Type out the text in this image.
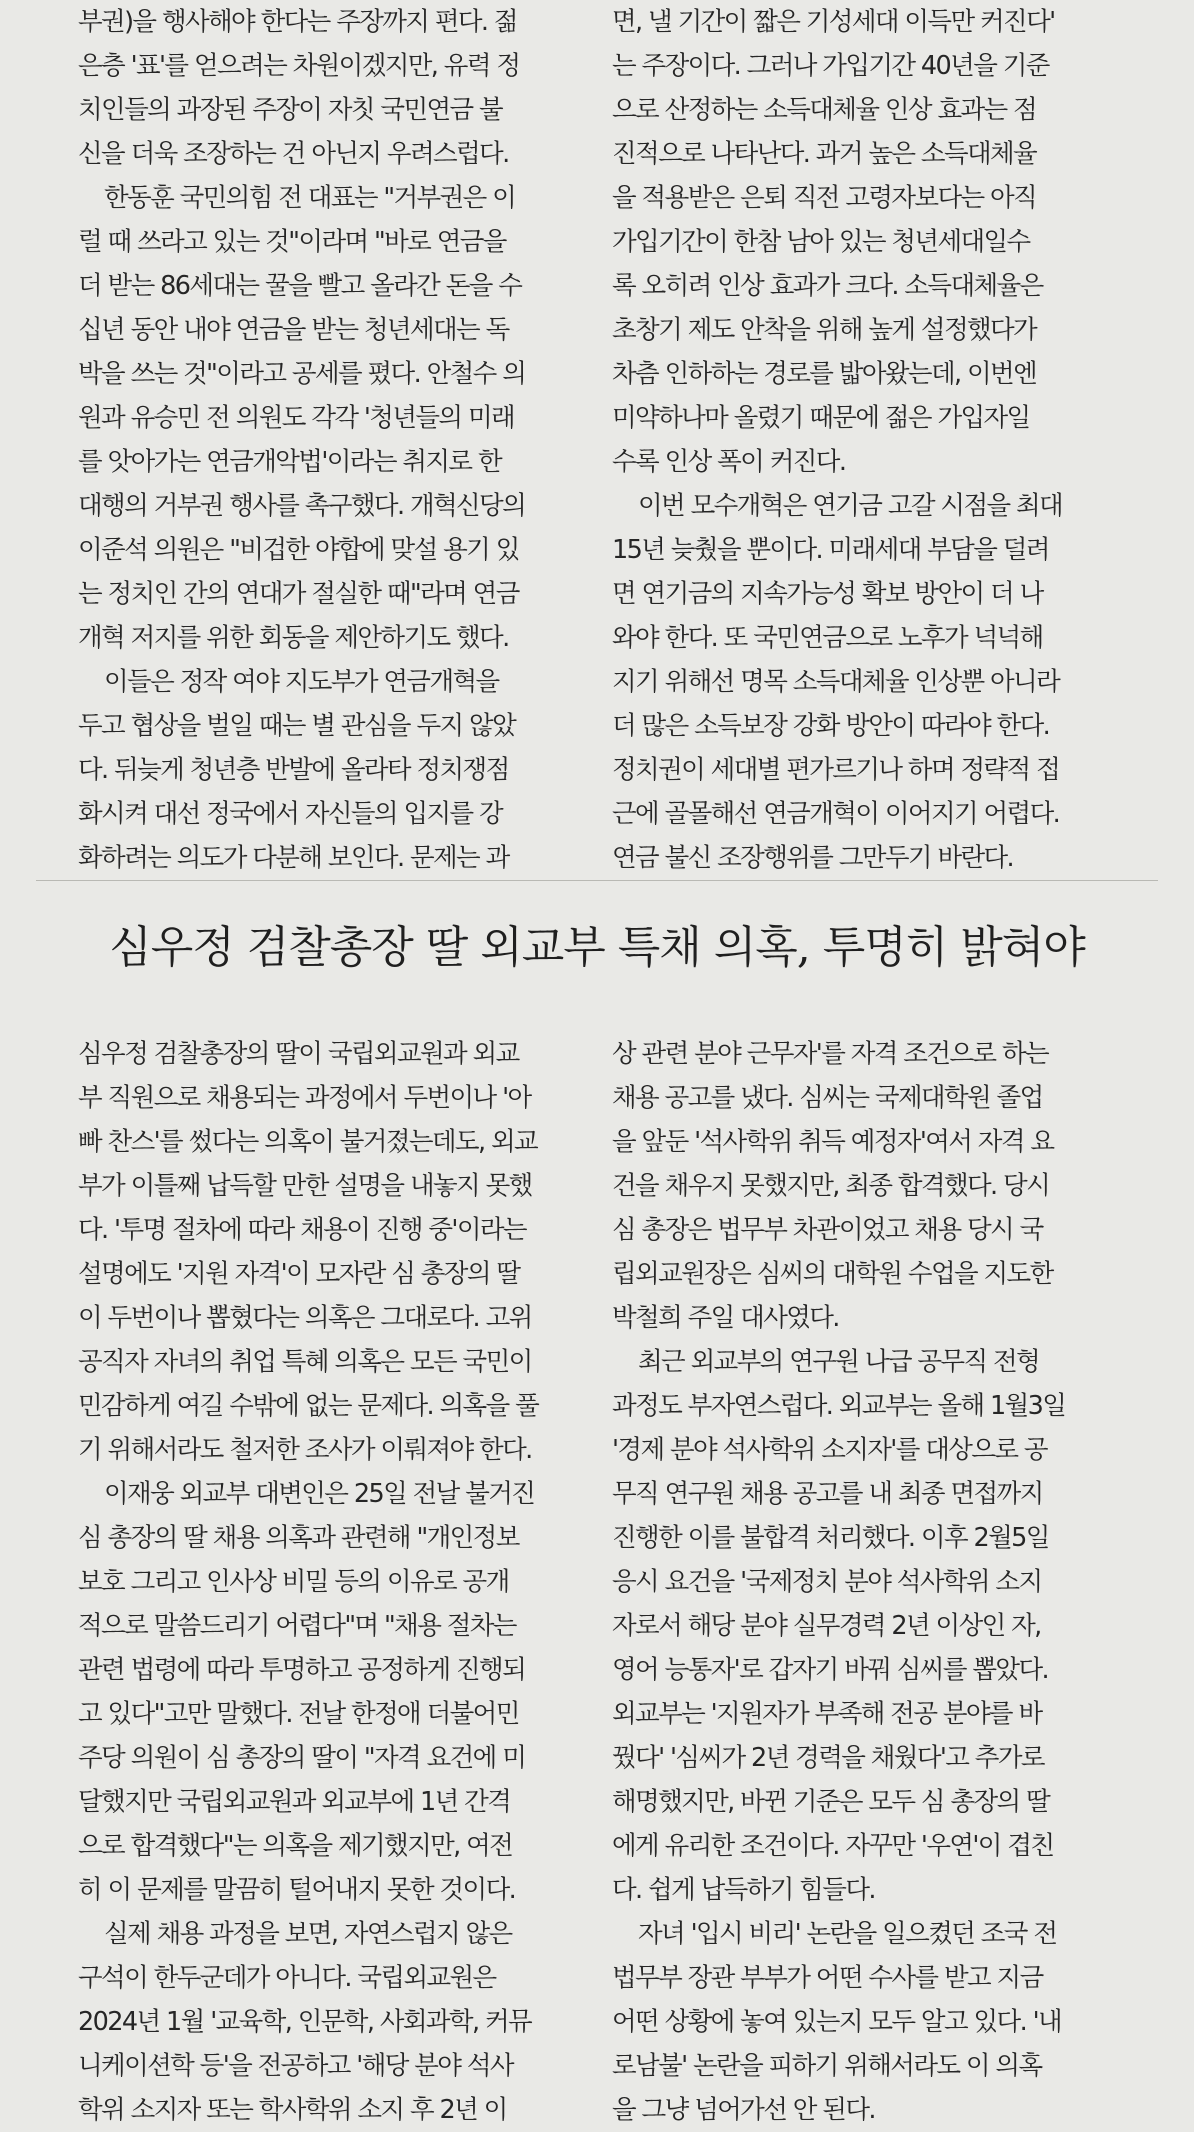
부권)을 행사해야 한다는 주장까지 편다. 젊
은층 '표'를 얻으려는 차원이겠지만, 유력 정
치인들의 과장된 주장이 자칫 국민연금 불
신을 더욱 조장하는 건 아닌지 우려스럽다.
한동훈 국민의힘 전 대표는 "거부권은 이
럴 때 쓰라고 있는 것"이라며 "바로 연금을
더 받는 86세대는 꿀을 빨고 올라간 돈을 수
십년 동안 내야 연금을 받는 청년세대는 독
박을 쓰는 것"이라고 공세를 폈다. 안철수 의
원과 유승민 전 의원도 각각 '청년들의 미래
를 앗아가는 연금개악법'이라는 취지로 한
대행의 거부권 행사를 촉구했다. 개혁신당의
이준석 의원은 "비겁한 야합에 맞설 용기 있
는 정치인 간의 연대가 절실한 때"라며 연금
개혁 저지를 위한 회동을 제안하기도 했다.
이들은 정작 여야 지도부가 연금개혁을
두고 협상을 벌일 때는 별 관심을 두지 않았
다. 뒤늦게 청년층 반발에 올라타 정치쟁점
화시켜 대선 정국에서 자신들의 입지를 강
화하려는 의도가 다분해 보인다. 문제는 과
면, 낼 기간이 짧은 기성세대 이득만 커진다'
는 주장이다. 그러나 가입기간 40년을 기준
으로 산정하는 소득대체율 인상 효과는 점
진적으로 나타난다. 과거 높은 소득대체율
을 적용받은 은퇴 직전 고령자보다는 아직
가입기간이 한참 남아 있는 청년세대일수
록 오히려 인상 효과가 크다. 소득대체율은
초창기 제도 안착을 위해 높게 설정했다가
차츰 인하하는 경로를 밟아왔는데, 이번엔
미약하나마 올렸기 때문에 젊은 가입자일
수록 인상 폭이 커진다.
이번 모수개혁은 연기금 고갈 시점을 최대
15년 늦췄을 뿐이다. 미래세대 부담을 덜려
면 연기금의 지속가능성 확보 방안이 더 나
와야 한다. 또 국민연금으로 노후가 넉넉해
지기 위해선 명목 소득대체율 인상뿐 아니라
더 많은 소득보장 강화 방안이 따라야 한다.
정치권이 세대별 편가르기나 하며 정략적 접
근에 골몰해선 연금개혁이 이어지기 어렵다.
연금 불신 조장행위를 그만두기 바란다.
심우정 검찰총장 딸 외교부 특채 의혹, 투명히 밝혀야
심우정 검찰총장의 딸이 국립외교원과 외교
부 직원으로 채용되는 과정에서 두번이나 '아
빠 찬스'를 썼다는 의혹이 불거졌는데도, 외교
부가 이틀째 납득할 만한 설명을 내놓지 못했
다. '투명 절차에 따라 채용이 진행 중'이라는
설명에도 '지원 자격'이 모자란 심 총장의 딸
이 두번이나 뽑혔다는 의혹은 그대로다. 고위
공직자 자녀의 취업 특혜 의혹은 모든 국민이
민감하게 여길 수밖에 없는 문제다. 의혹을 풀
기 위해서라도 철저한 조사가 이뤄져야 한다.
이재웅 외교부 대변인은 25일 전날 불거진
심 총장의 딸 채용 의혹과 관련해 "개인정보
보호 그리고 인사상 비밀 등의 이유로 공개
적으로 말씀드리기 어렵다"며 "채용 절차는
관련 법령에 따라 투명하고 공정하게 진행되
고 있다"고만 말했다. 전날 한정애 더불어민
주당 의원이 심 총장의 딸이 "자격 요건에 미
달했지만 국립외교원과 외교부에 1년 간격
으로 합격했다"는 의혹을 제기했지만, 여전
히 이 문제를 말끔히 털어내지 못한 것이다.
실제 채용 과정을 보면, 자연스럽지 않은
구석이 한두군데가 아니다. 국립외교원은
2024년 1월 '교육학, 인문학, 사회과학, 커뮤
니케이션학 등'을 전공하고 '해당 분야 석사
학위 소지자 또는 학사학위 소지 후 2년 이
상 관련 분야 근무자'를 자격 조건으로 하는
채용 공고를 냈다. 심씨는 국제대학원 졸업
을 앞둔 '석사학위 취득 예정자'여서 자격 요
건을 채우지 못했지만, 최종 합격했다. 당시
심 총장은 법무부 차관이었고 채용 당시 국
립외교원장은 심씨의 대학원 수업을 지도한
박철희 주일 대사였다.
최근 외교부의 연구원 나급 공무직 전형
과정도 부자연스럽다. 외교부는 올해 1월3일
'경제 분야 석사학위 소지자'를 대상으로 공
무직 연구원 채용 공고를 내 최종 면접까지
진행한 이를 불합격 처리했다. 이후 2월5일
응시 요건을 '국제정치 분야 석사학위 소지
자로서 해당 분야 실무경력 2년 이상인 자,
영어 능통자'로 갑자기 바꿔 심씨를 뽑았다.
외교부는 '지원자가 부족해 전공 분야를 바
꿨다' '심씨가 2년 경력을 채웠다'고 추가로
해명했지만, 바뀐 기준은 모두 심 총장의 딸
에게 유리한 조건이다. 자꾸만 '우연'이 겹친
다. 쉽게 납득하기 힘들다.
자녀 '입시 비리' 논란을 일으켰던 조국 전
법무부 장관 부부가 어떤 수사를 받고 지금
어떤 상황에 놓여 있는지 모두 알고 있다. '내
로남불' 논란을 피하기 위해서라도 이 의혹
을 그냥 넘어가선 안 된다.
